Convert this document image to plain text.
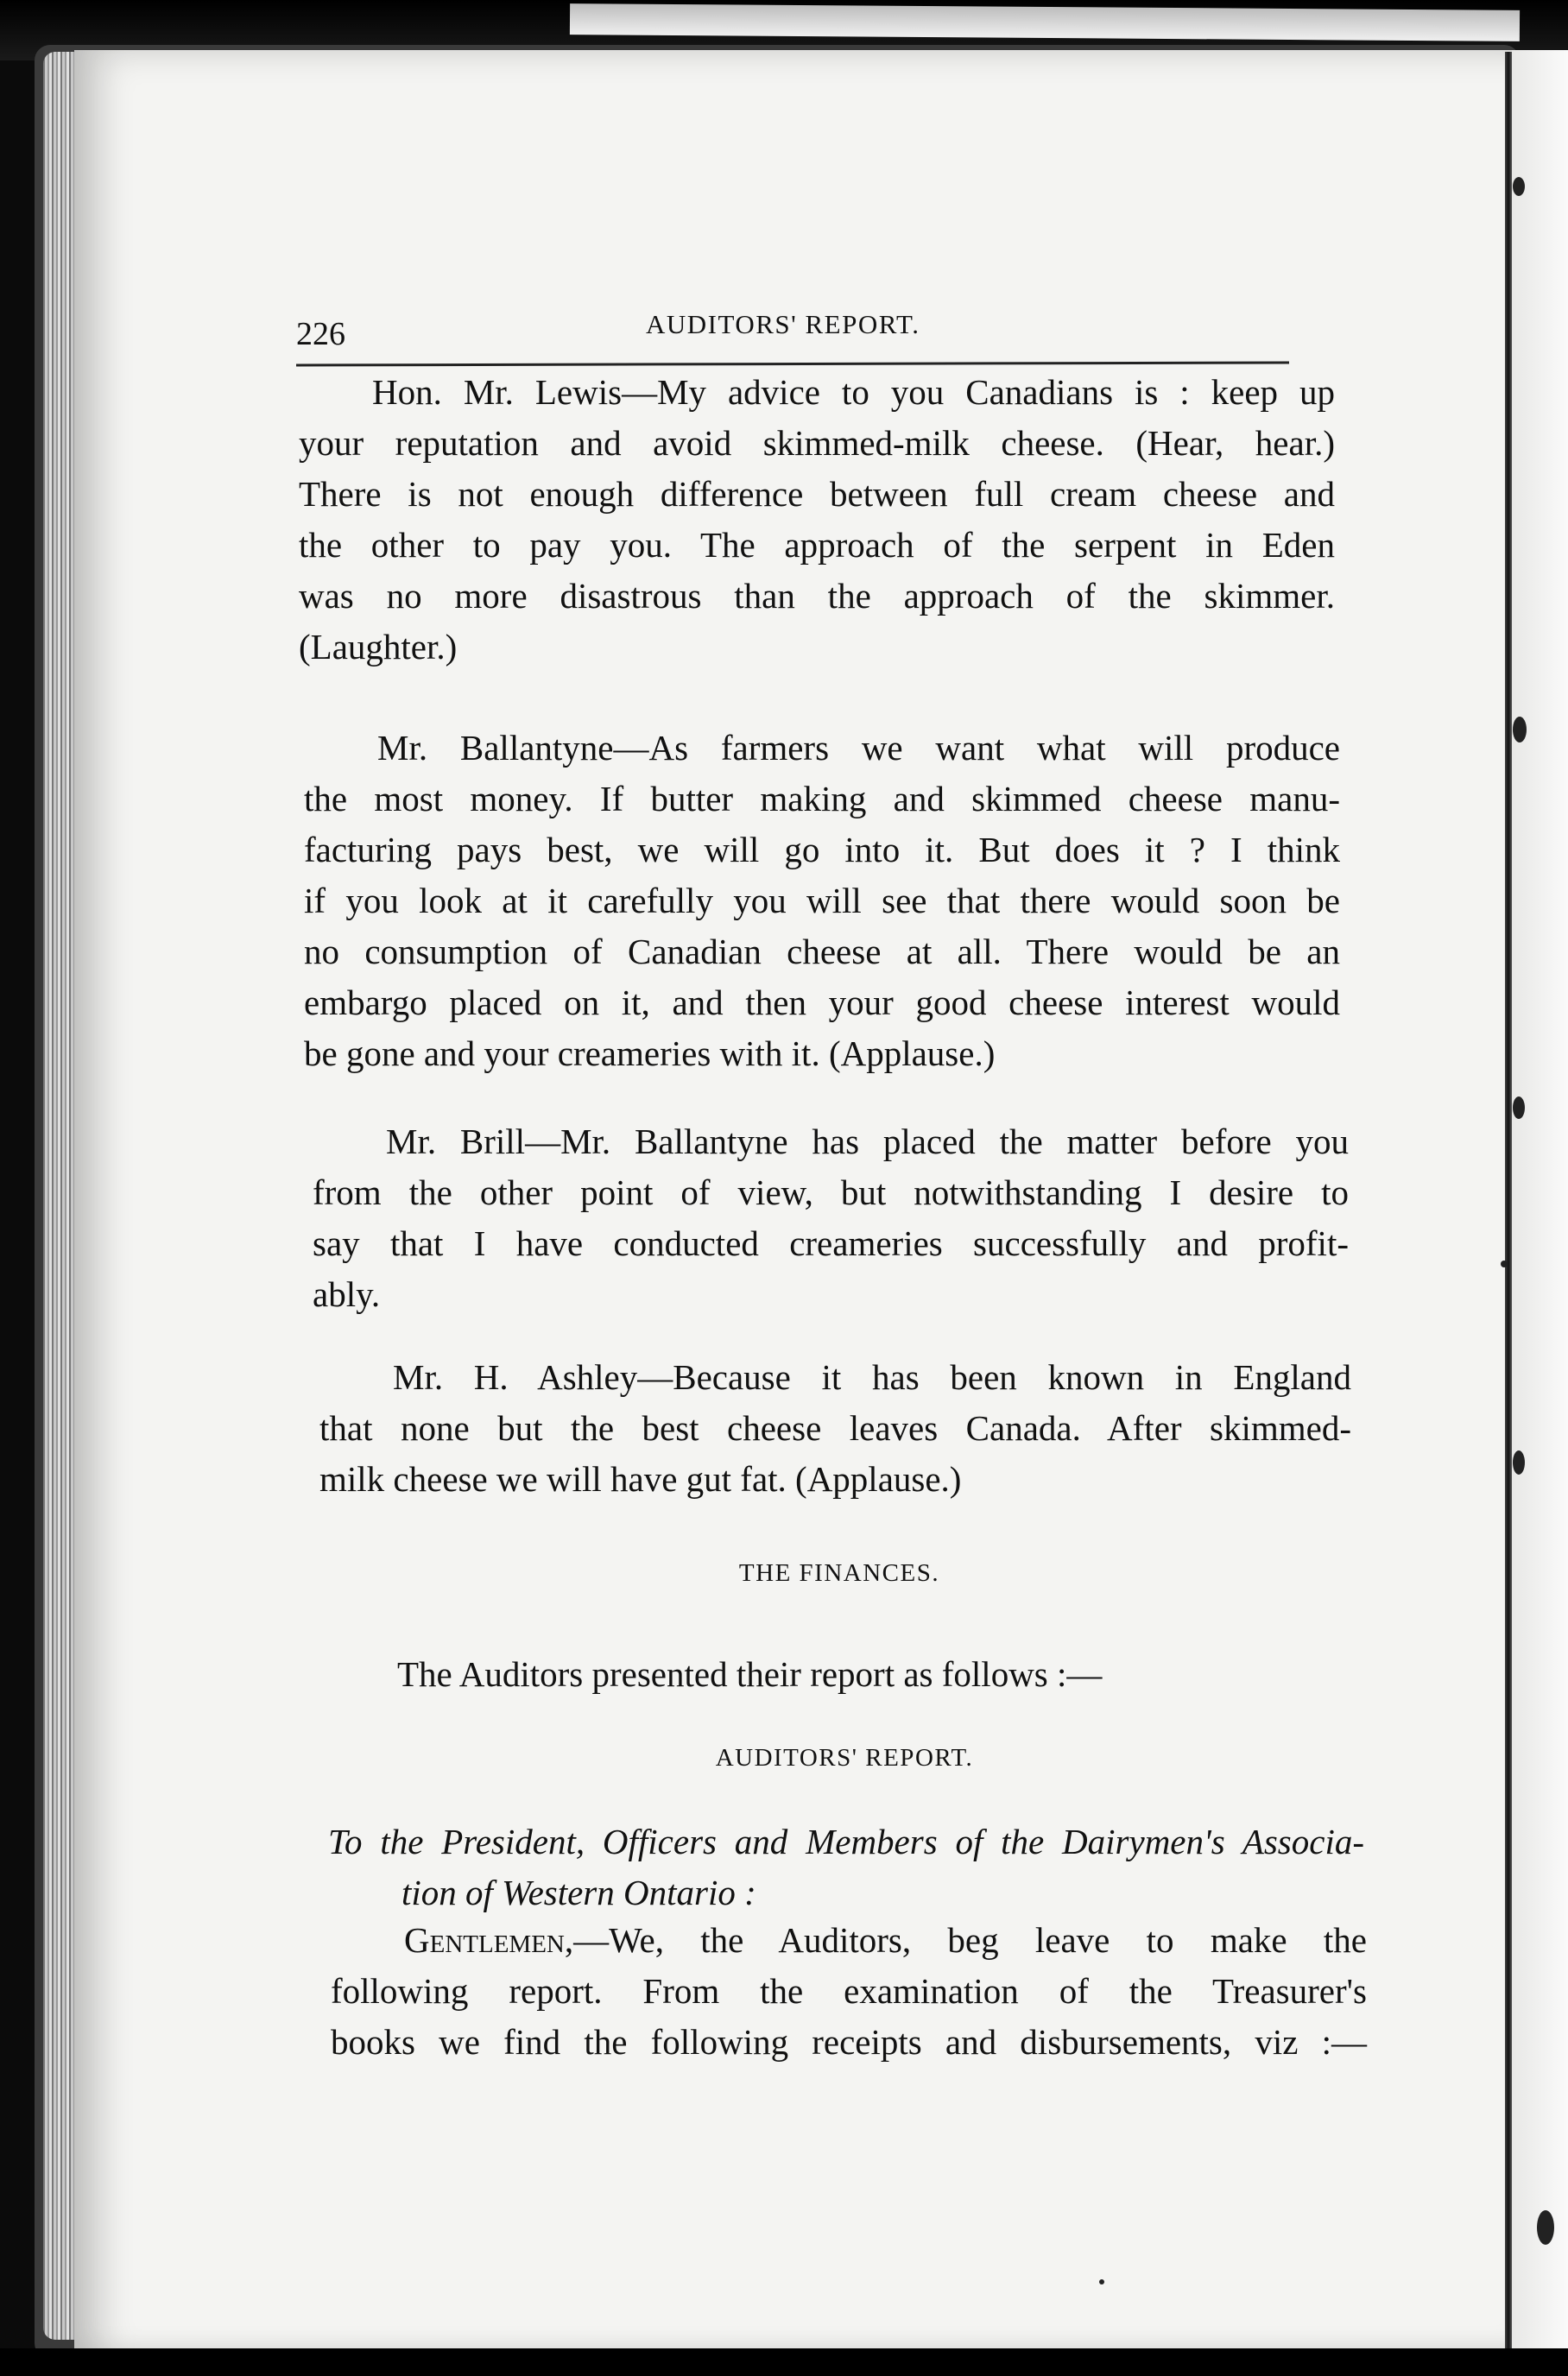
226	AUDITORS' REPORT.
Hon. Mr. Lewis—My advice to you Canadians is : keep up
your reputation and avoid skimmed-milk cheese. (Hear, hear.)
There is not enough difference between full cream cheese and
the other to pay you. The approach of the serpent in Eden
was no more disastrous than the approach of the skimmer.
(Laughter.)
Mr. Ballantyne—As farmers we want what will produce
the most money. If butter making and skimmed cheese manu-
facturing pays best, we will go into it. But does it ? I think
if you look at it carefully you will see that there would soon be
no consumption of Canadian cheese at all. There would be an
embargo placed on it, and then your good cheese interest would
be gone and your creameries with it. (Applause.)
Mr. Brill—Mr. Ballantyne has placed the matter before you
from the other point of view, but notwithstanding I desire to
say that I have conducted creameries successfully and profit-
ably.
Mr. H. Ashley—Because it has been known in England
that none but the best cheese leaves Canada. After skimmed-
milk cheese we will have gut fat. (Applause.)
THE FINANCES.
The Auditors presented their report as follows :—
AUDITORS' REPORT.
To the President, Officers and Members of the Dairymen's Associa-
tion of Western Ontario :
Gentlemen,—We, the Auditors, beg leave to make the
following report. From the examination of the Treasurer's
books we find the following receipts and disbursements, viz :—
